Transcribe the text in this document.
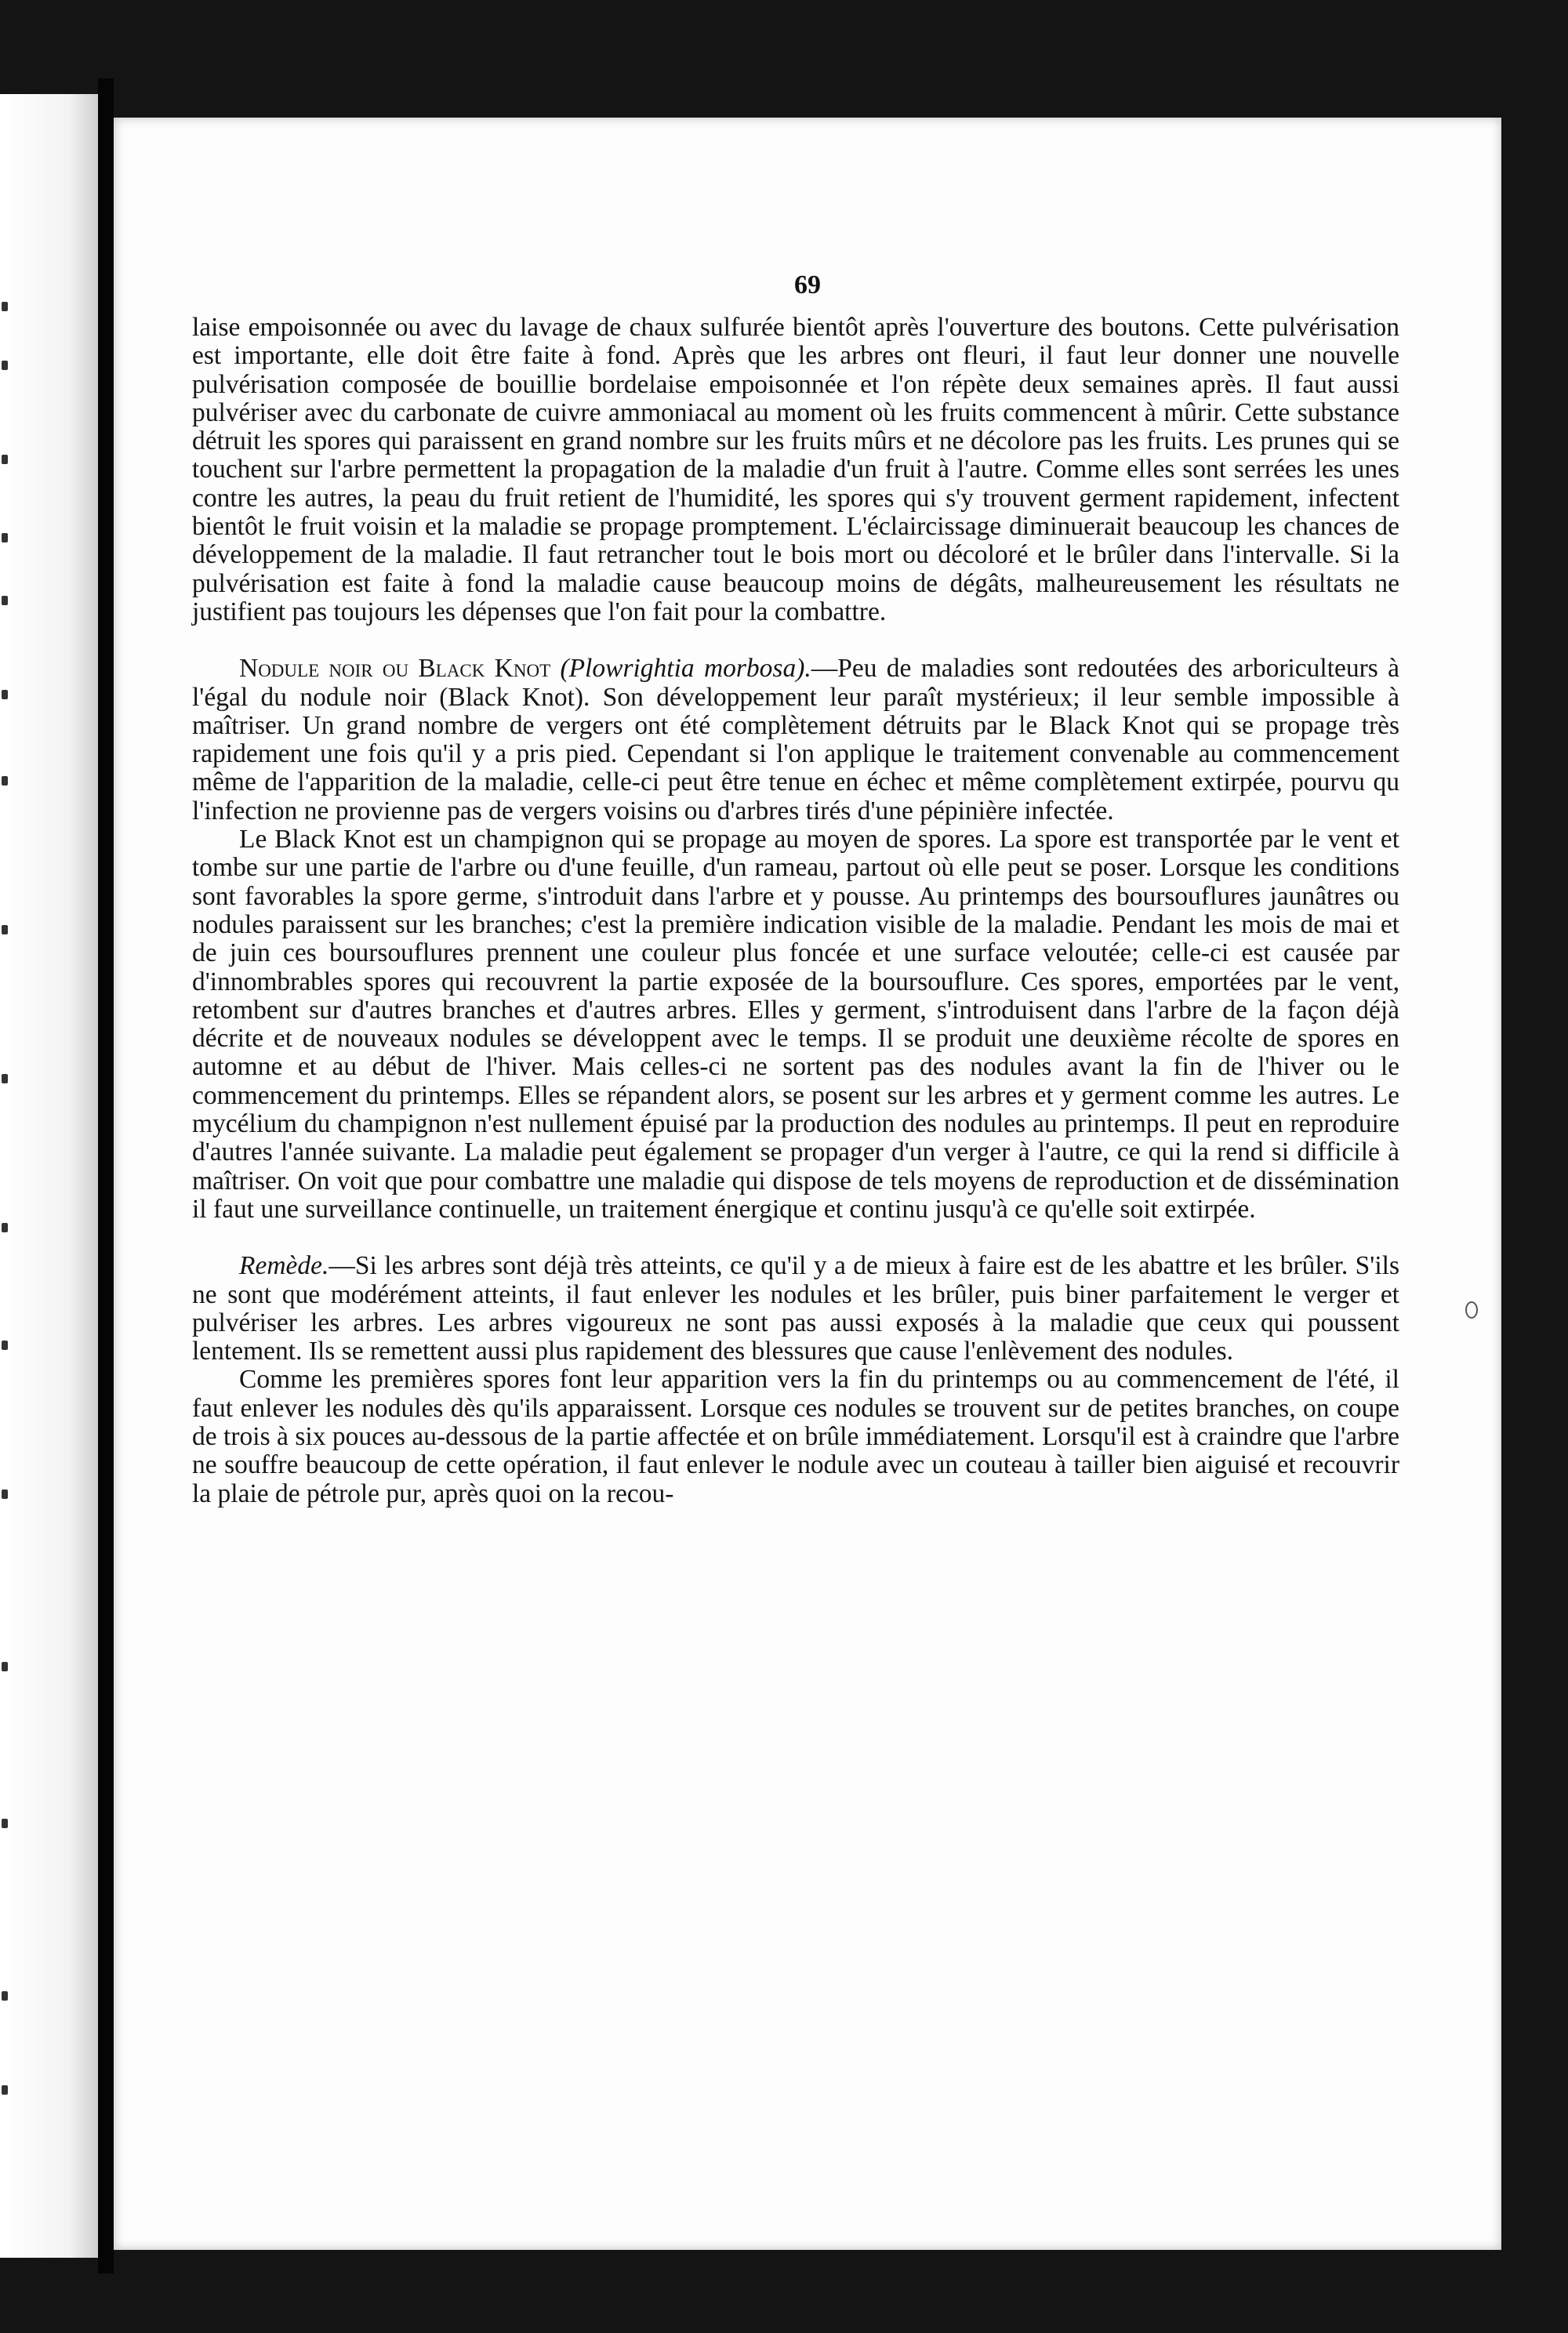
69

laise empoisonnée ou avec du lavage de chaux sulfurée bientôt après l'ouverture des boutons. Cette pulvérisation est importante, elle doit être faite à fond. Après que les arbres ont fleuri, il faut leur donner une nouvelle pulvérisation composée de bouillie bordelaise empoisonnée et l'on répète deux semaines après. Il faut aussi pulvériser avec du carbonate de cuivre ammoniacal au moment où les fruits commencent à mûrir. Cette substance détruit les spores qui paraissent en grand nombre sur les fruits mûrs et ne décolore pas les fruits. Les prunes qui se touchent sur l'arbre permettent la propagation de la maladie d'un fruit à l'autre. Comme elles sont serrées les unes contre les autres, la peau du fruit retient de l'humidité, les spores qui s'y trouvent germent rapidement, infectent bientôt le fruit voisin et la maladie se propage promptement. L'éclaircissage diminuerait beaucoup les chances de développement de la maladie. Il faut retrancher tout le bois mort ou décoloré et le brûler dans l'intervalle. Si la pulvérisation est faite à fond la maladie cause beaucoup moins de dégâts, malheureusement les résultats ne justifient pas toujours les dépenses que l'on fait pour la combattre.

Nodule noir ou Black Knot (Plowrightia morbosa).—Peu de maladies sont redoutées des arboriculteurs à l'égal du nodule noir (Black Knot). Son développement leur paraît mystérieux; il leur semble impossible à maîtriser. Un grand nombre de vergers ont été complètement détruits par le Black Knot qui se propage très rapidement une fois qu'il y a pris pied. Cependant si l'on applique le traitement convenable au commencement même de l'apparition de la maladie, celle-ci peut être tenue en échec et même complètement extirpée, pourvu qu l'infection ne provienne pas de vergers voisins ou d'arbres tirés d'une pépinière infectée.

Le Black Knot est un champignon qui se propage au moyen de spores. La spore est transportée par le vent et tombe sur une partie de l'arbre ou d'une feuille, d'un rameau, partout où elle peut se poser. Lorsque les conditions sont favorables la spore germe, s'introduit dans l'arbre et y pousse. Au printemps des boursouflures jaunâtres ou nodules paraissent sur les branches; c'est la première indication visible de la maladie. Pendant les mois de mai et de juin ces boursouflures prennent une couleur plus foncée et une surface veloutée; celle-ci est causée par d'innombrables spores qui recouvrent la partie exposée de la boursouflure. Ces spores, emportées par le vent, retombent sur d'autres branches et d'autres arbres. Elles y germent, s'introduisent dans l'arbre de la façon déjà décrite et de nouveaux nodules se développent avec le temps. Il se produit une deuxième récolte de spores en automne et au début de l'hiver. Mais celles-ci ne sortent pas des nodules avant la fin de l'hiver ou le commencement du printemps. Elles se répandent alors, se posent sur les arbres et y germent comme les autres. Le mycélium du champignon n'est nullement épuisé par la production des nodules au printemps. Il peut en reproduire d'autres l'année suivante. La maladie peut également se propager d'un verger à l'autre, ce qui la rend si difficile à maîtriser. On voit que pour combattre une maladie qui dispose de tels moyens de reproduction et de dissémination il faut une surveillance continuelle, un traitement énergique et continu jusqu'à ce qu'elle soit extirpée.

Remède.—Si les arbres sont déjà très atteints, ce qu'il y a de mieux à faire est de les abattre et les brûler. S'ils ne sont que modérément atteints, il faut enlever les nodules et les brûler, puis biner parfaitement le verger et pulvériser les arbres. Les arbres vigoureux ne sont pas aussi exposés à la maladie que ceux qui poussent lentement. Ils se remettent aussi plus rapidement des blessures que cause l'enlèvement des nodules.

Comme les premières spores font leur apparition vers la fin du printemps ou au commencement de l'été, il faut enlever les nodules dès qu'ils apparaissent. Lorsque ces nodules se trouvent sur de petites branches, on coupe de trois à six pouces au-dessous de la partie affectée et on brûle immédiatement. Lorsqu'il est à craindre que l'arbre ne souffre beaucoup de cette opération, il faut enlever le nodule avec un couteau à tailler bien aiguisé et recouvrir la plaie de pétrole pur, après quoi on la recou-
